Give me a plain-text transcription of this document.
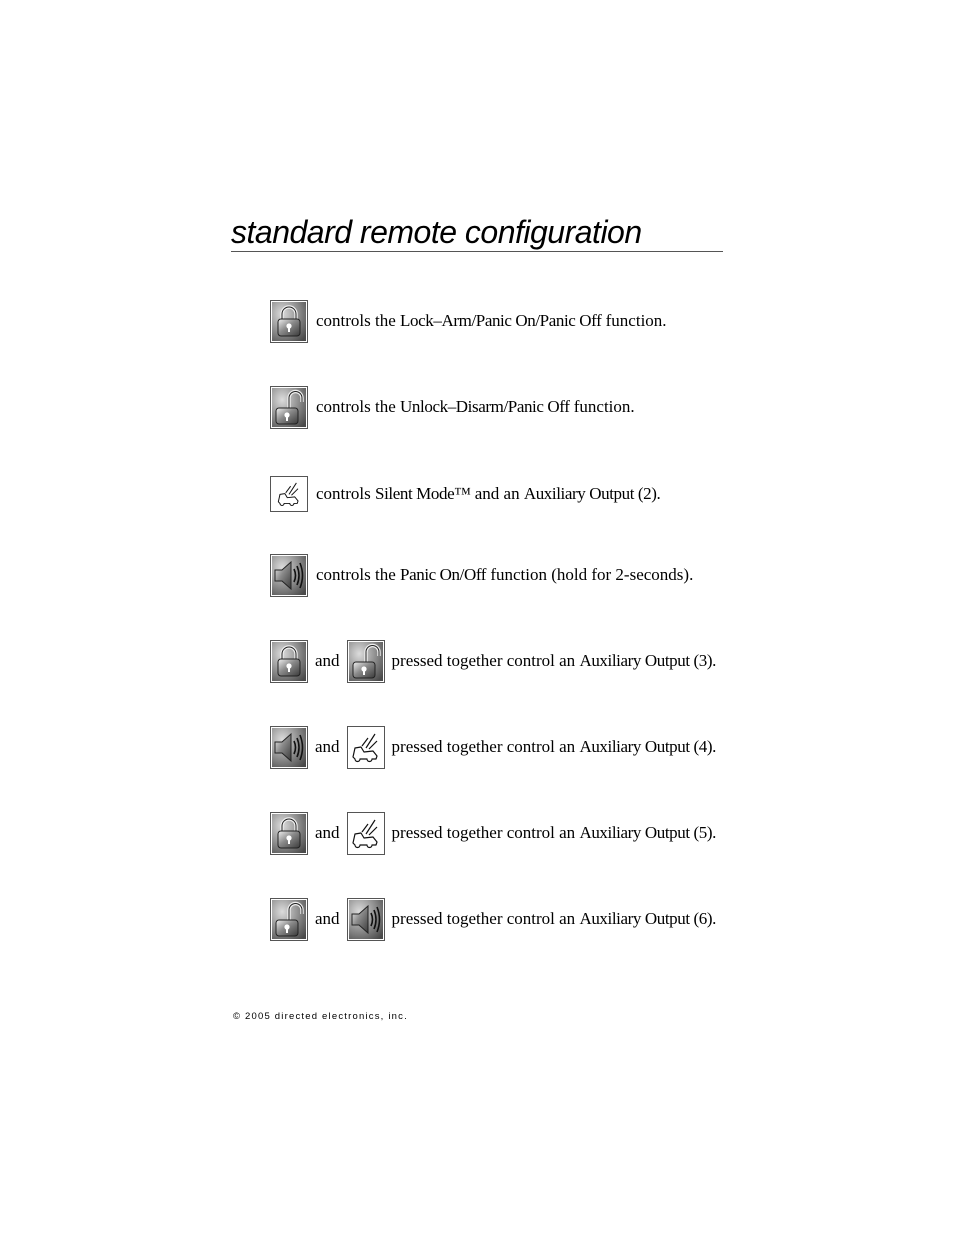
standard remote configuration
controls the Lock–Arm/Panic On/Panic Off function.
controls the Unlock–Disarm/Panic Off function.
controls Silent Mode™ and an Auxiliary Output (2).
controls the Panic On/Off function (hold for 2-seconds).
and	pressed together control an Auxiliary Output (3).
and	pressed together control an Auxiliary Output (4).
and	pressed together control an Auxiliary Output (5).
and	pressed together control an Auxiliary Output (6).
© 2005 directed electronics, inc.
